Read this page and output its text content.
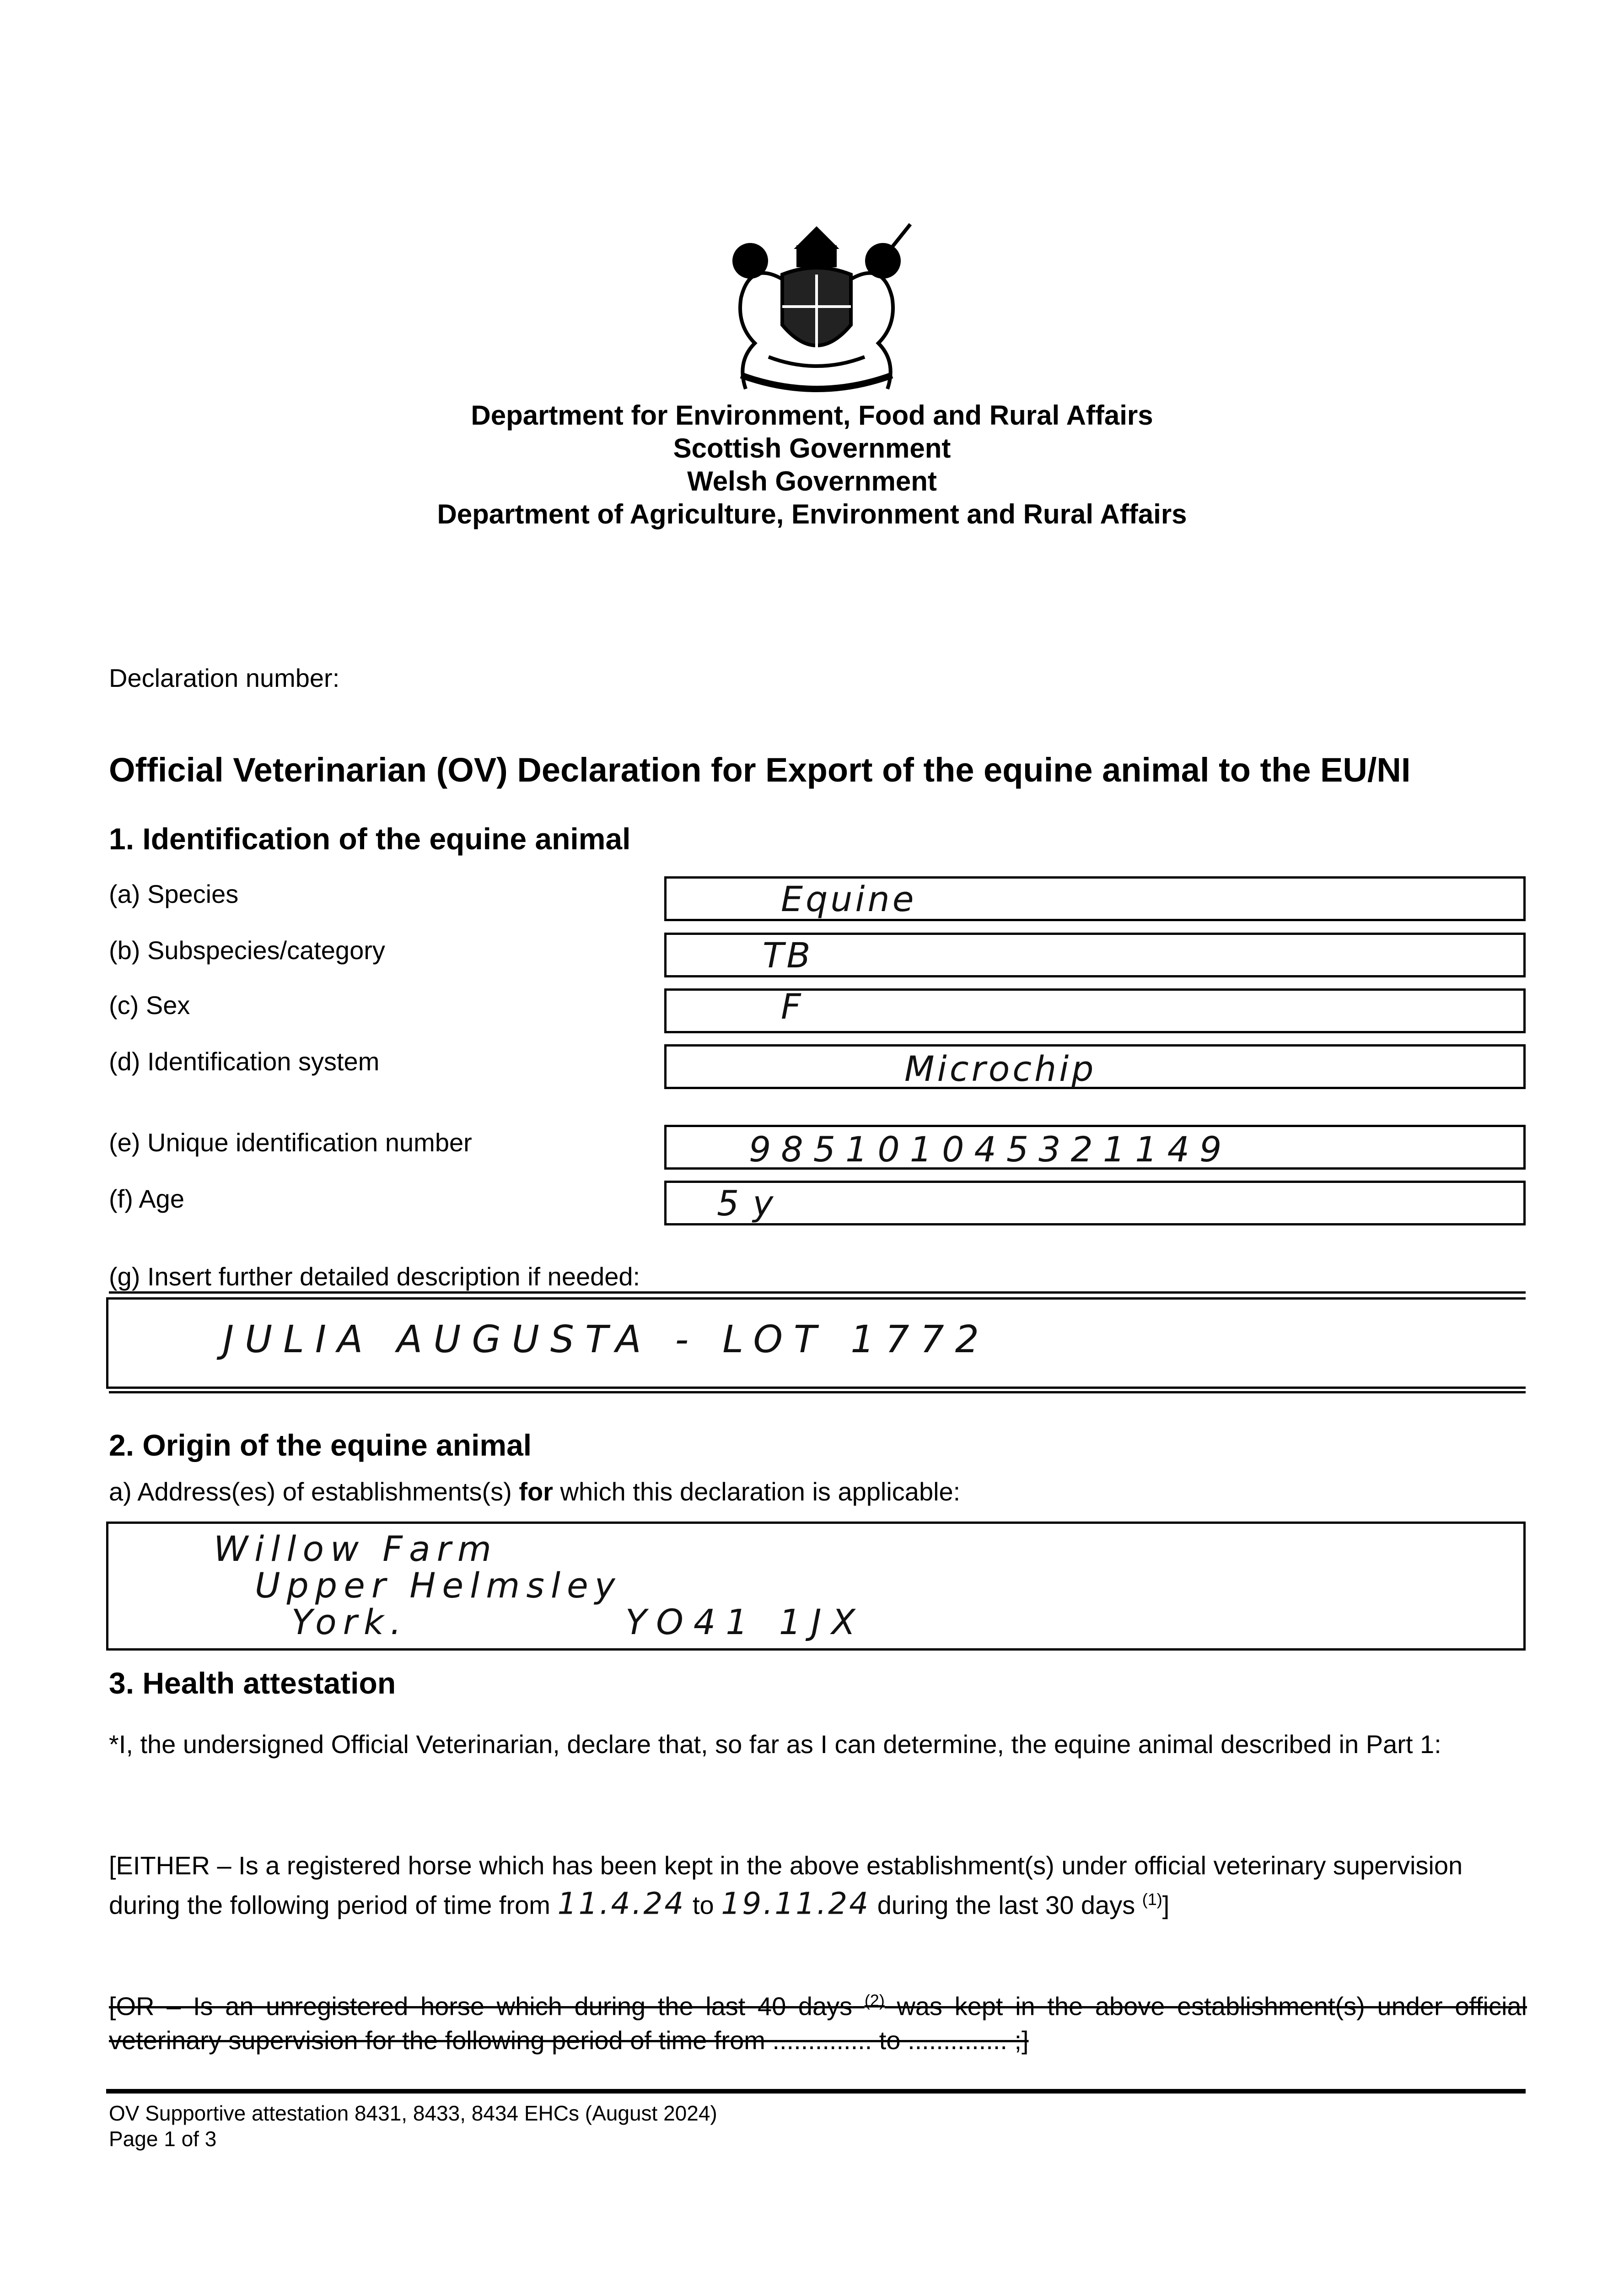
Department for Environment, Food and Rural Affairs
Scottish Government
Welsh Government
Department of Agriculture, Environment and Rural Affairs
Declaration number:
Official Veterinarian (OV) Declaration for Export of the equine animal to the EU/NI
1. Identification of the equine animal
(a) Species	Equine
(b) Subspecies/category	TB
(c) Sex	F
(d) Identification system	Microchip
(e) Unique identification number	985101045321149
(f) Age	5y
(g) Insert further detailed description if needed:
JULIA AUGUSTA - LOT 1772
2. Origin of the equine animal
a) Address(es) of establishments(s) for which this declaration is applicable:
Willow Farm
Upper Helmsley
York.	YO41 1JX
3. Health attestation
*I, the undersigned Official Veterinarian, declare that, so far as I can determine, the equine animal described in Part 1:
[EITHER – Is a registered horse which has been kept in the above establishment(s) under official veterinary supervision during the following period of time from 11.4.24 to 19.11.24 during the last 30 days $^{(1)}$]
[OR – Is an unregistered horse which during the last 40 days $^{(2)}$ was kept in the above establishment(s) under official veterinary supervision for the following period of time from .............. to .............. ;]
OV Supportive attestation 8431, 8433, 8434 EHCs (August 2024)
Page 1 of 3
